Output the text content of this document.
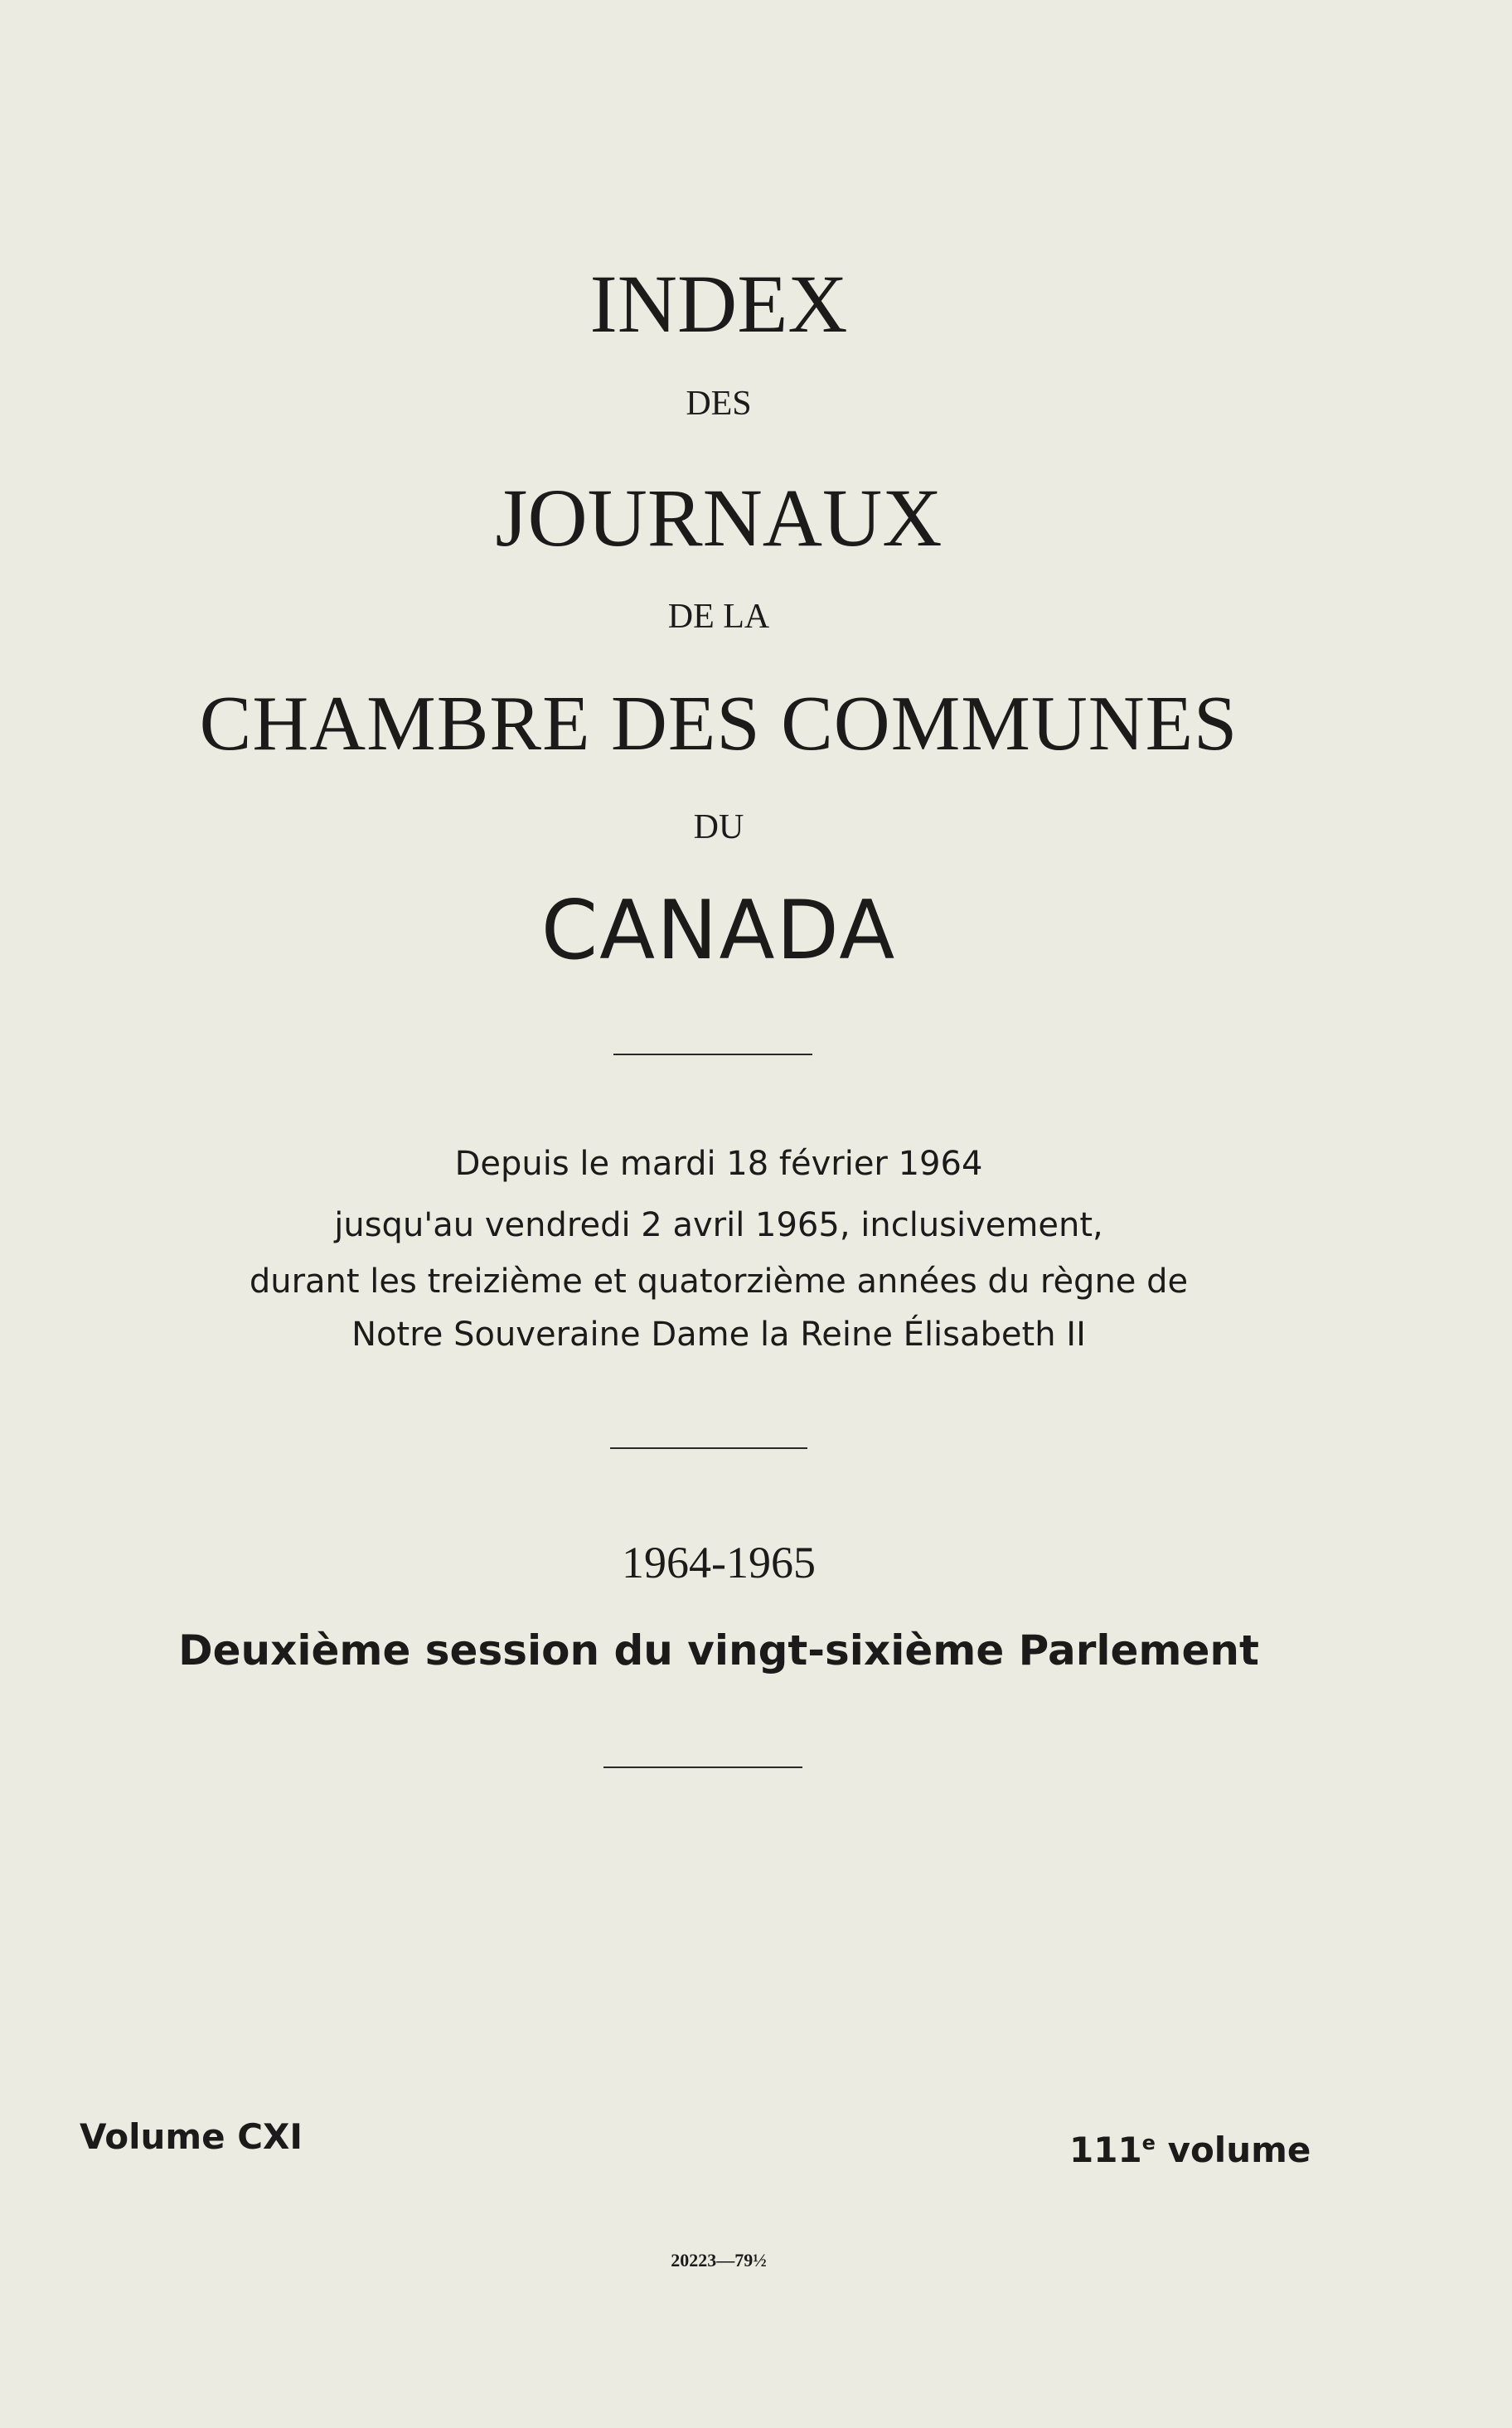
INDEX

DES

JOURNAUX

DE LA

CHAMBRE DES COMMUNES

DU

CANADA

Depuis le mardi 18 février 1964

jusqu'au vendredi 2 avril 1965, inclusivement,

durant les treizième et quatorzième années du règne de

Notre Souveraine Dame la Reine Élisabeth II

1964-1965

Deuxième session du vingt-sixième Parlement

Volume CXI	111e volume
20223—79½
